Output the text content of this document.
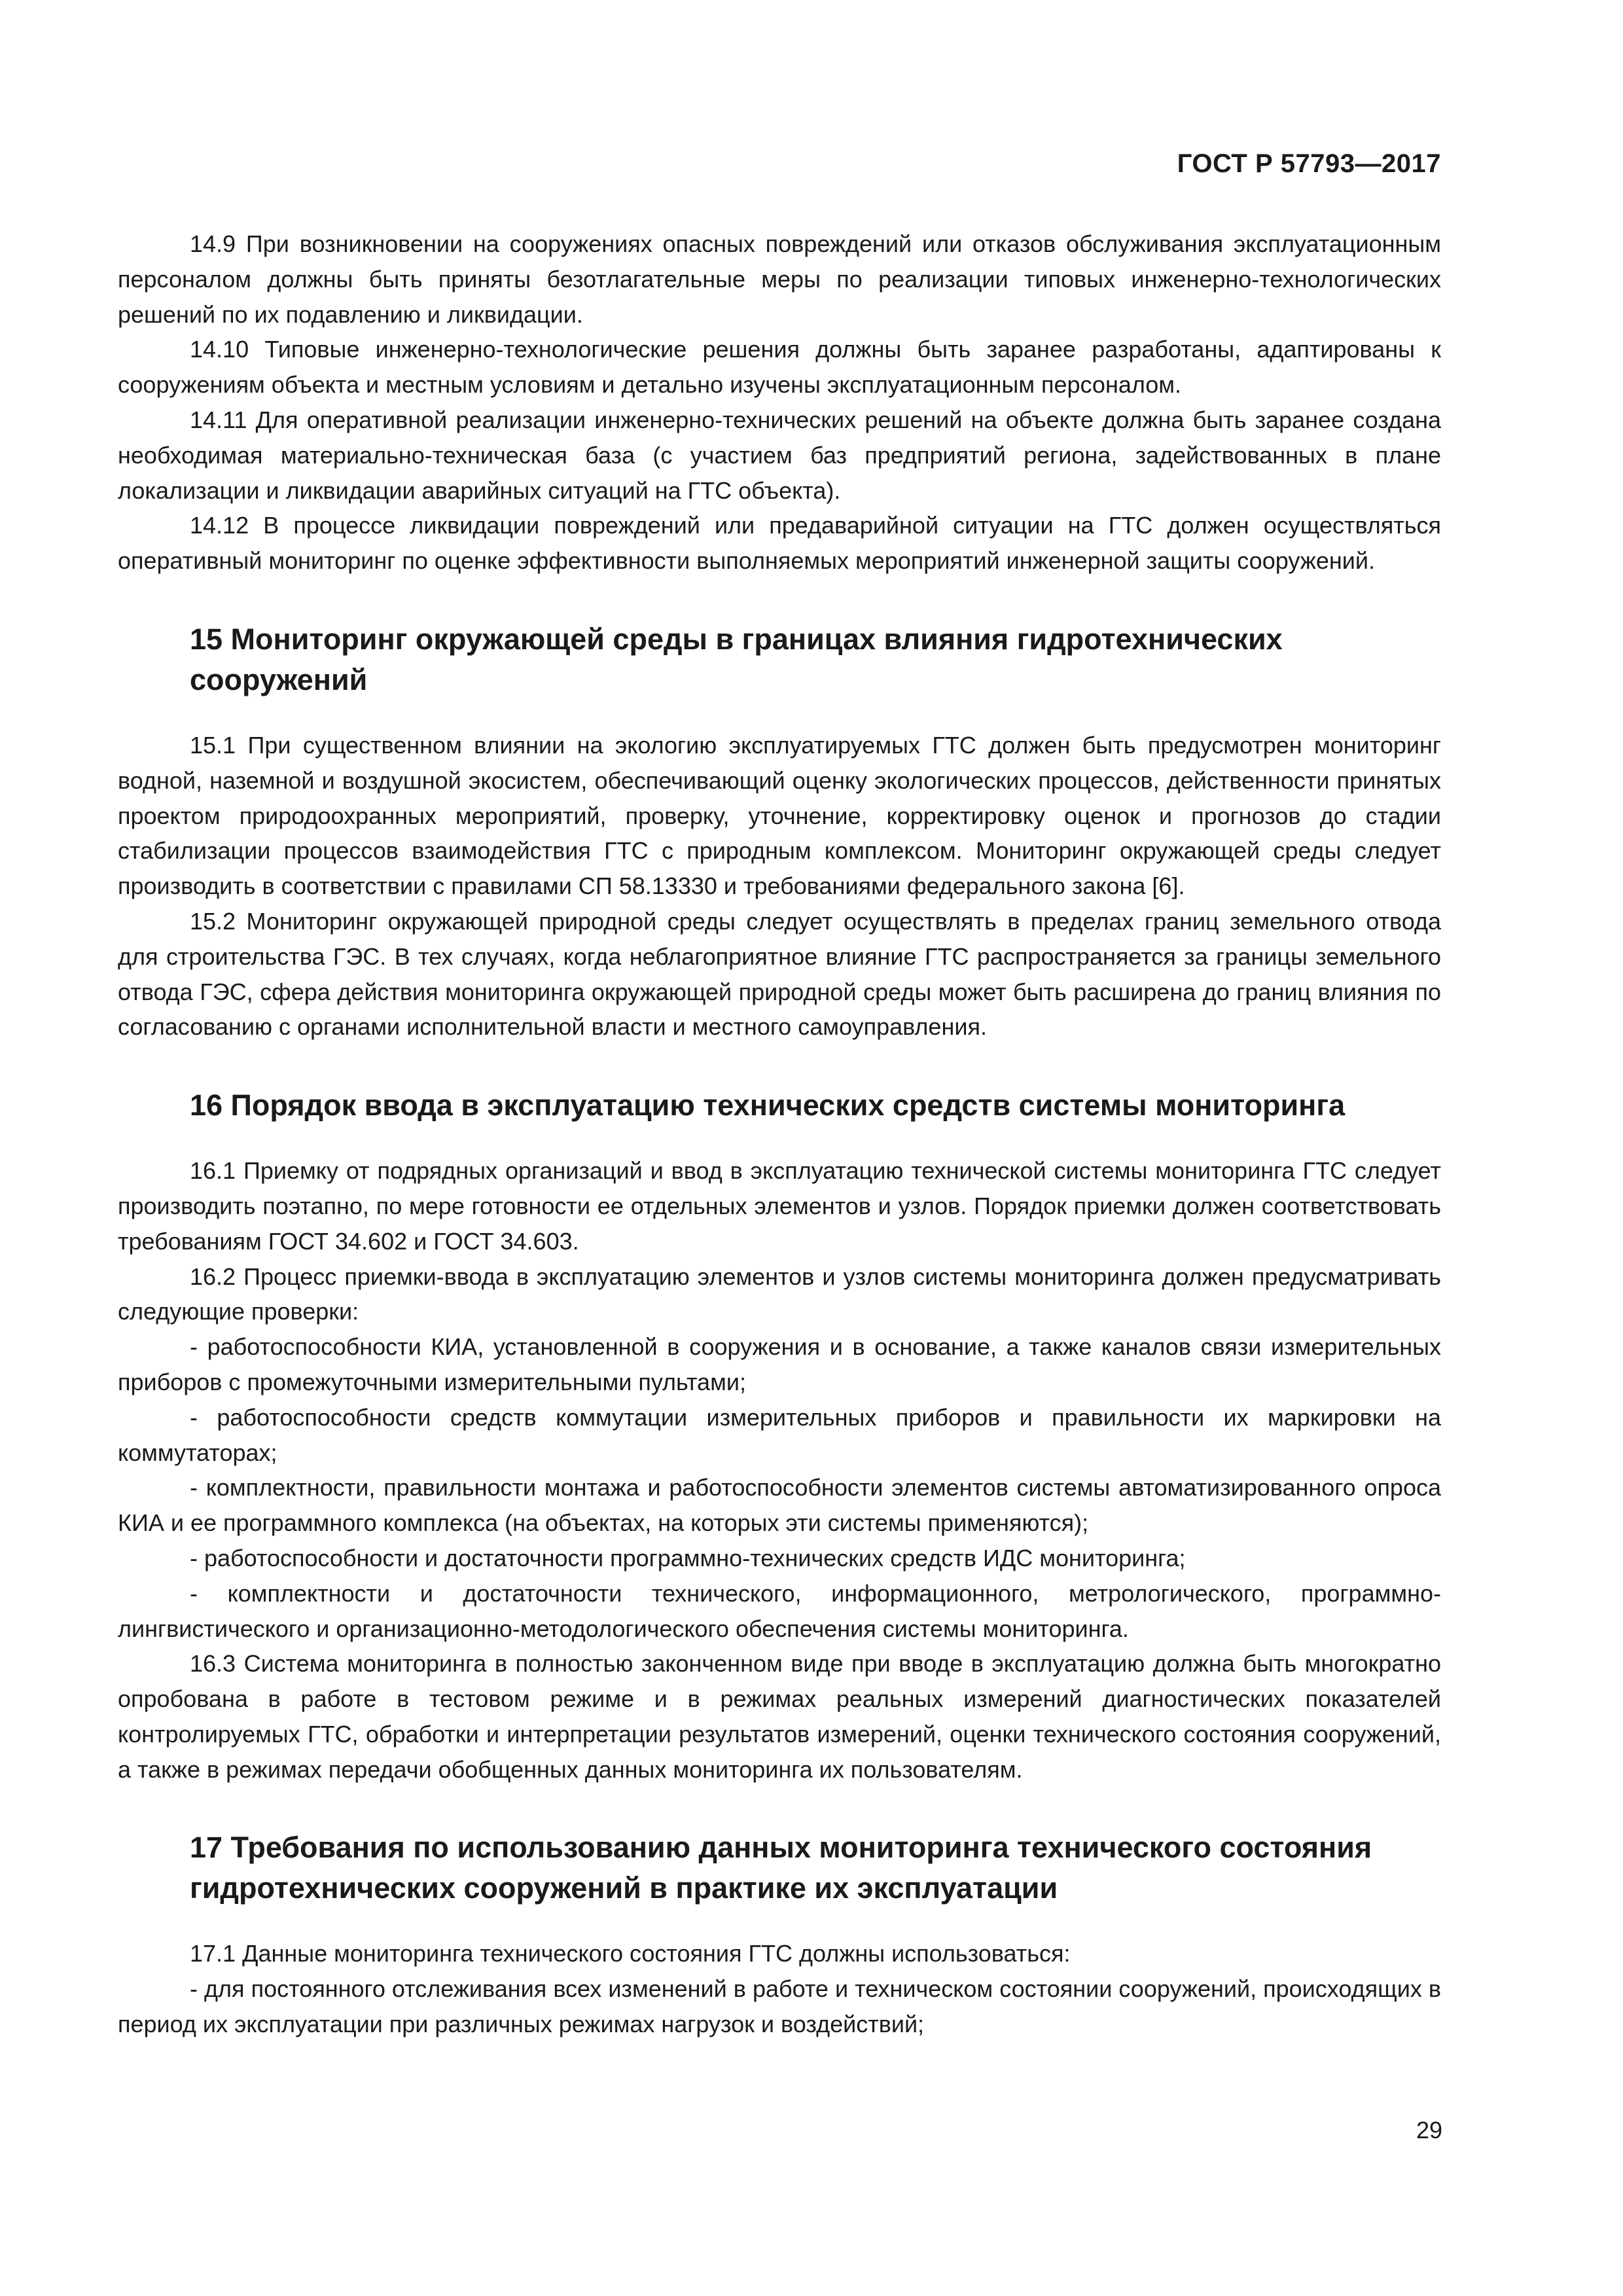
ГОСТ Р 57793—2017

14.9 При возникновении на сооружениях опасных повреждений или отказов обслуживания эксплуатационным персоналом должны быть приняты безотлагательные меры по реализации типовых инженерно-технологических решений по их подавлению и ликвидации.

14.10 Типовые инженерно-технологические решения должны быть заранее разработаны, адаптированы к сооружениям объекта и местным условиям и детально изучены эксплуатационным персоналом.

14.11 Для оперативной реализации инженерно-технических решений на объекте должна быть заранее создана необходимая материально-техническая база (с участием баз предприятий региона, задействованных в плане локализации и ликвидации аварийных ситуаций на ГТС объекта).

14.12 В процессе ликвидации повреждений или предаварийной ситуации на ГТС должен осуществляться оперативный мониторинг по оценке эффективности выполняемых мероприятий инженерной защиты сооружений.

15 Мониторинг окружающей среды в границах влияния гидротехнических сооружений

15.1 При существенном влиянии на экологию эксплуатируемых ГТС должен быть предусмотрен мониторинг водной, наземной и воздушной экосистем, обеспечивающий оценку экологических процессов, действенности принятых проектом природоохранных мероприятий, проверку, уточнение, корректировку оценок и прогнозов до стадии стабилизации процессов взаимодействия ГТС с природным комплексом. Мониторинг окружающей среды следует производить в соответствии с правилами СП 58.13330 и требованиями федерального закона [6].

15.2 Мониторинг окружающей природной среды следует осуществлять в пределах границ земельного отвода для строительства ГЭС. В тех случаях, когда неблагоприятное влияние ГТС распространяется за границы земельного отвода ГЭС, сфера действия мониторинга окружающей природной среды может быть расширена до границ влияния по согласованию с органами исполнительной власти и местного самоуправления.

16 Порядок ввода в эксплуатацию технических средств системы мониторинга

16.1 Приемку от подрядных организаций и ввод в эксплуатацию технической системы мониторинга ГТС следует производить поэтапно, по мере готовности ее отдельных элементов и узлов. Порядок приемки должен соответствовать требованиям ГОСТ 34.602 и ГОСТ 34.603.

16.2 Процесс приемки-ввода в эксплуатацию элементов и узлов системы мониторинга должен предусматривать следующие проверки:

- работоспособности КИА, установленной в сооружения и в основание, а также каналов связи измерительных приборов с промежуточными измерительными пультами;

- работоспособности средств коммутации измерительных приборов и правильности их маркировки на коммутаторах;

- комплектности, правильности монтажа и работоспособности элементов системы автоматизированного опроса КИА и ее программного комплекса (на объектах, на которых эти системы применяются);

- работоспособности и достаточности программно-технических средств ИДС мониторинга;

- комплектности и достаточности технического, информационного, метрологического, программно-лингвистического и организационно-методологического обеспечения системы мониторинга.

16.3 Система мониторинга в полностью законченном виде при вводе в эксплуатацию должна быть многократно опробована в работе в тестовом режиме и в режимах реальных измерений диагностических показателей контролируемых ГТС, обработки и интерпретации результатов измерений, оценки технического состояния сооружений, а также в режимах передачи обобщенных данных мониторинга их пользователям.

17 Требования по использованию данных мониторинга технического состояния гидротехнических сооружений в практике их эксплуатации

17.1 Данные мониторинга технического состояния ГТС должны использоваться:

- для постоянного отслеживания всех изменений в работе и техническом состоянии сооружений, происходящих в период их эксплуатации при различных режимах нагрузок и воздействий;

29
